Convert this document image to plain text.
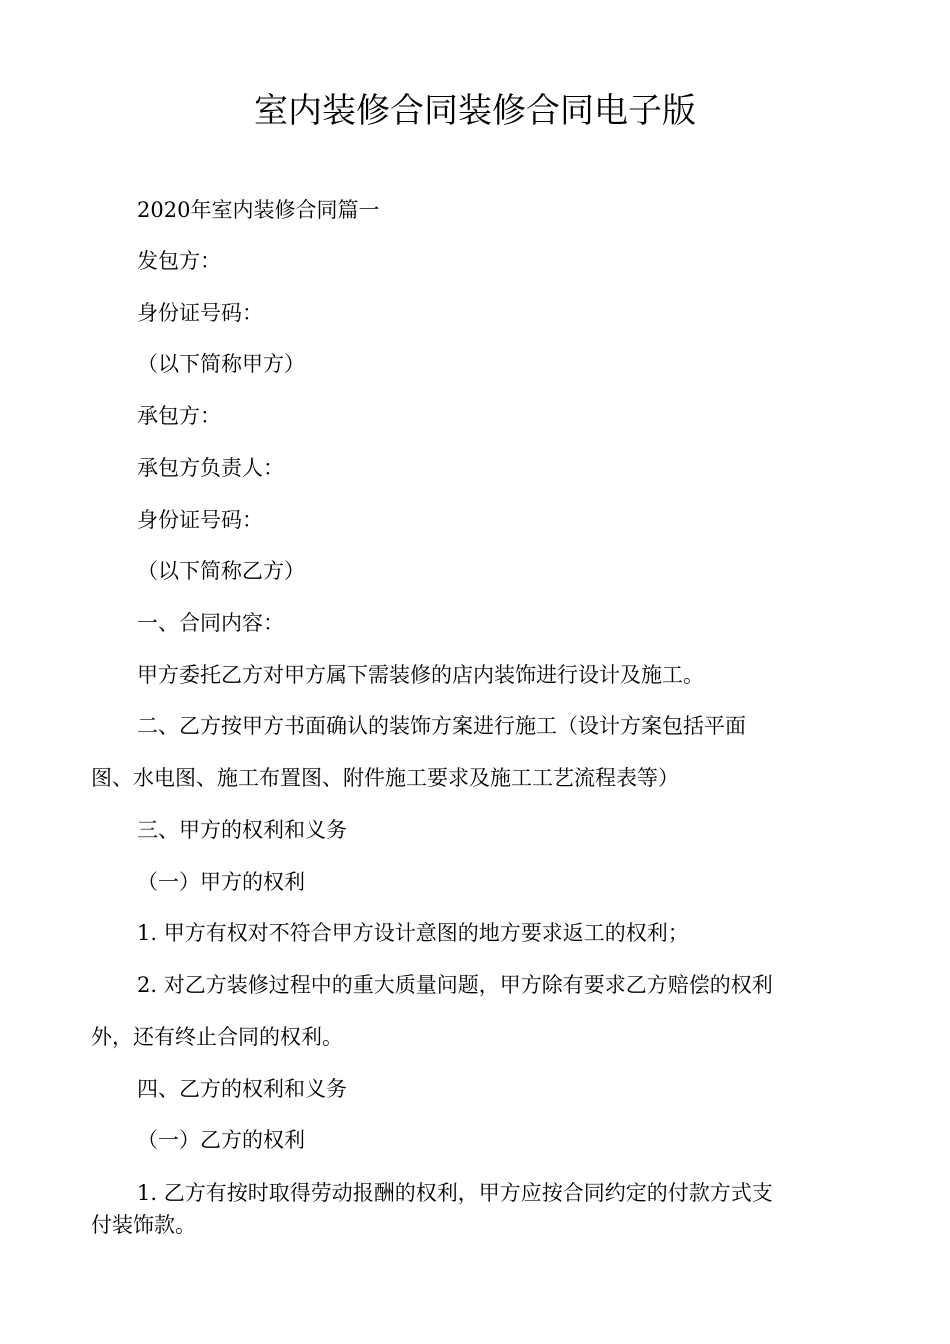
室内装修合同装修合同电子版
2020年室内装修合同篇一
发包方：
身份证号码：
（以下简称甲方）
承包方：
承包方负责人：
身份证号码：
（以下简称乙方）
一、合同内容：
甲方委托乙方对甲方属下需装修的店内装饰进行设计及施工。
二、乙方按甲方书面确认的装饰方案进行施工（设计方案包括平面
图、水电图、施工布置图、附件施工要求及施工工艺流程表等）
三、甲方的权利和义务
（一）甲方的权利
1. 甲方有权对不符合甲方设计意图的地方要求返工的权利；
2. 对乙方装修过程中的重大质量问题，甲方除有要求乙方赔偿的权利
外，还有终止合同的权利。
四、乙方的权利和义务
（一）乙方的权利
1. 乙方有按时取得劳动报酬的权利，甲方应按合同约定的付款方式支
付装饰款。
